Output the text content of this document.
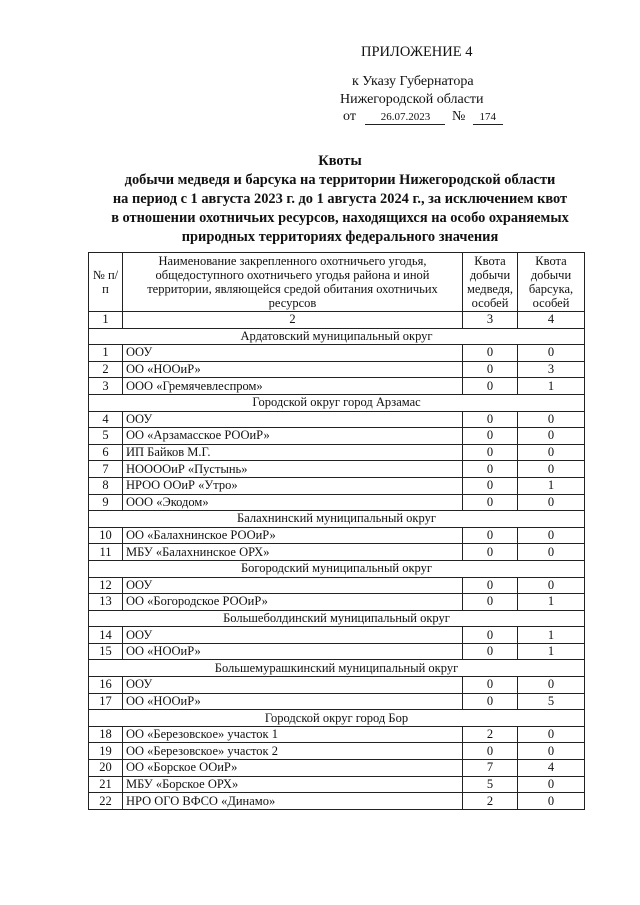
ПРИЛОЖЕНИЕ 4
к Указу Губернатора
Нижегородской области
от 26.07.2023 № 174
Квоты
добычи медведя и барсука на территории Нижегородской области
на период с 1 августа 2023 г. до 1 августа 2024 г., за исключением квот
в отношении охотничьих ресурсов, находящихся на особо охраняемых
природных территориях федерального значения
№ п/п	Наименование закрепленного охотничьего угодья, общедоступного охотничьего угодья района и иной территории, являющейся средой обитания охотничьих ресурсов	Квота добычи медведя, особей	Квота добычи барсука, особей
1	2	3	4
Ардатовский муниципальный округ			
1	ООУ	0	0
2	ОО «НООиР»	0	3
3	ООО «Гремячевлеспром»	0	1
Городской округ город Арзамас			
4	ООУ	0	0
5	ОО «Арзамасское РООиР»	0	0
6	ИП Байков М.Г.	0	0
7	НООООиР «Пустынь»	0	0
8	НРОО ООиР «Утро»	0	1
9	ООО «Экодом»	0	0
Балахнинский муниципальный округ			
10	ОО «Балахнинское РООиР»	0	0
11	МБУ «Балахнинское ОРХ»	0	0
Богородский муниципальный округ			
12	ООУ	0	0
13	ОО «Богородское РООиР»	0	1
Большеболдинский муниципальный округ			
14	ООУ	0	1
15	ОО «НООиР»	0	1
Большемурашкинский муниципальный округ			
16	ООУ	0	0
17	ОО «НООиР»	0	5
Городской округ город Бор			
18	ОО «Березовское» участок 1	2	0
19	ОО «Березовское» участок 2	0	0
20	ОО «Борское ООиР»	7	4
21	МБУ «Борское ОРХ»	5	0
22	НРО ОГО ВФСО «Динамо»	2	0
